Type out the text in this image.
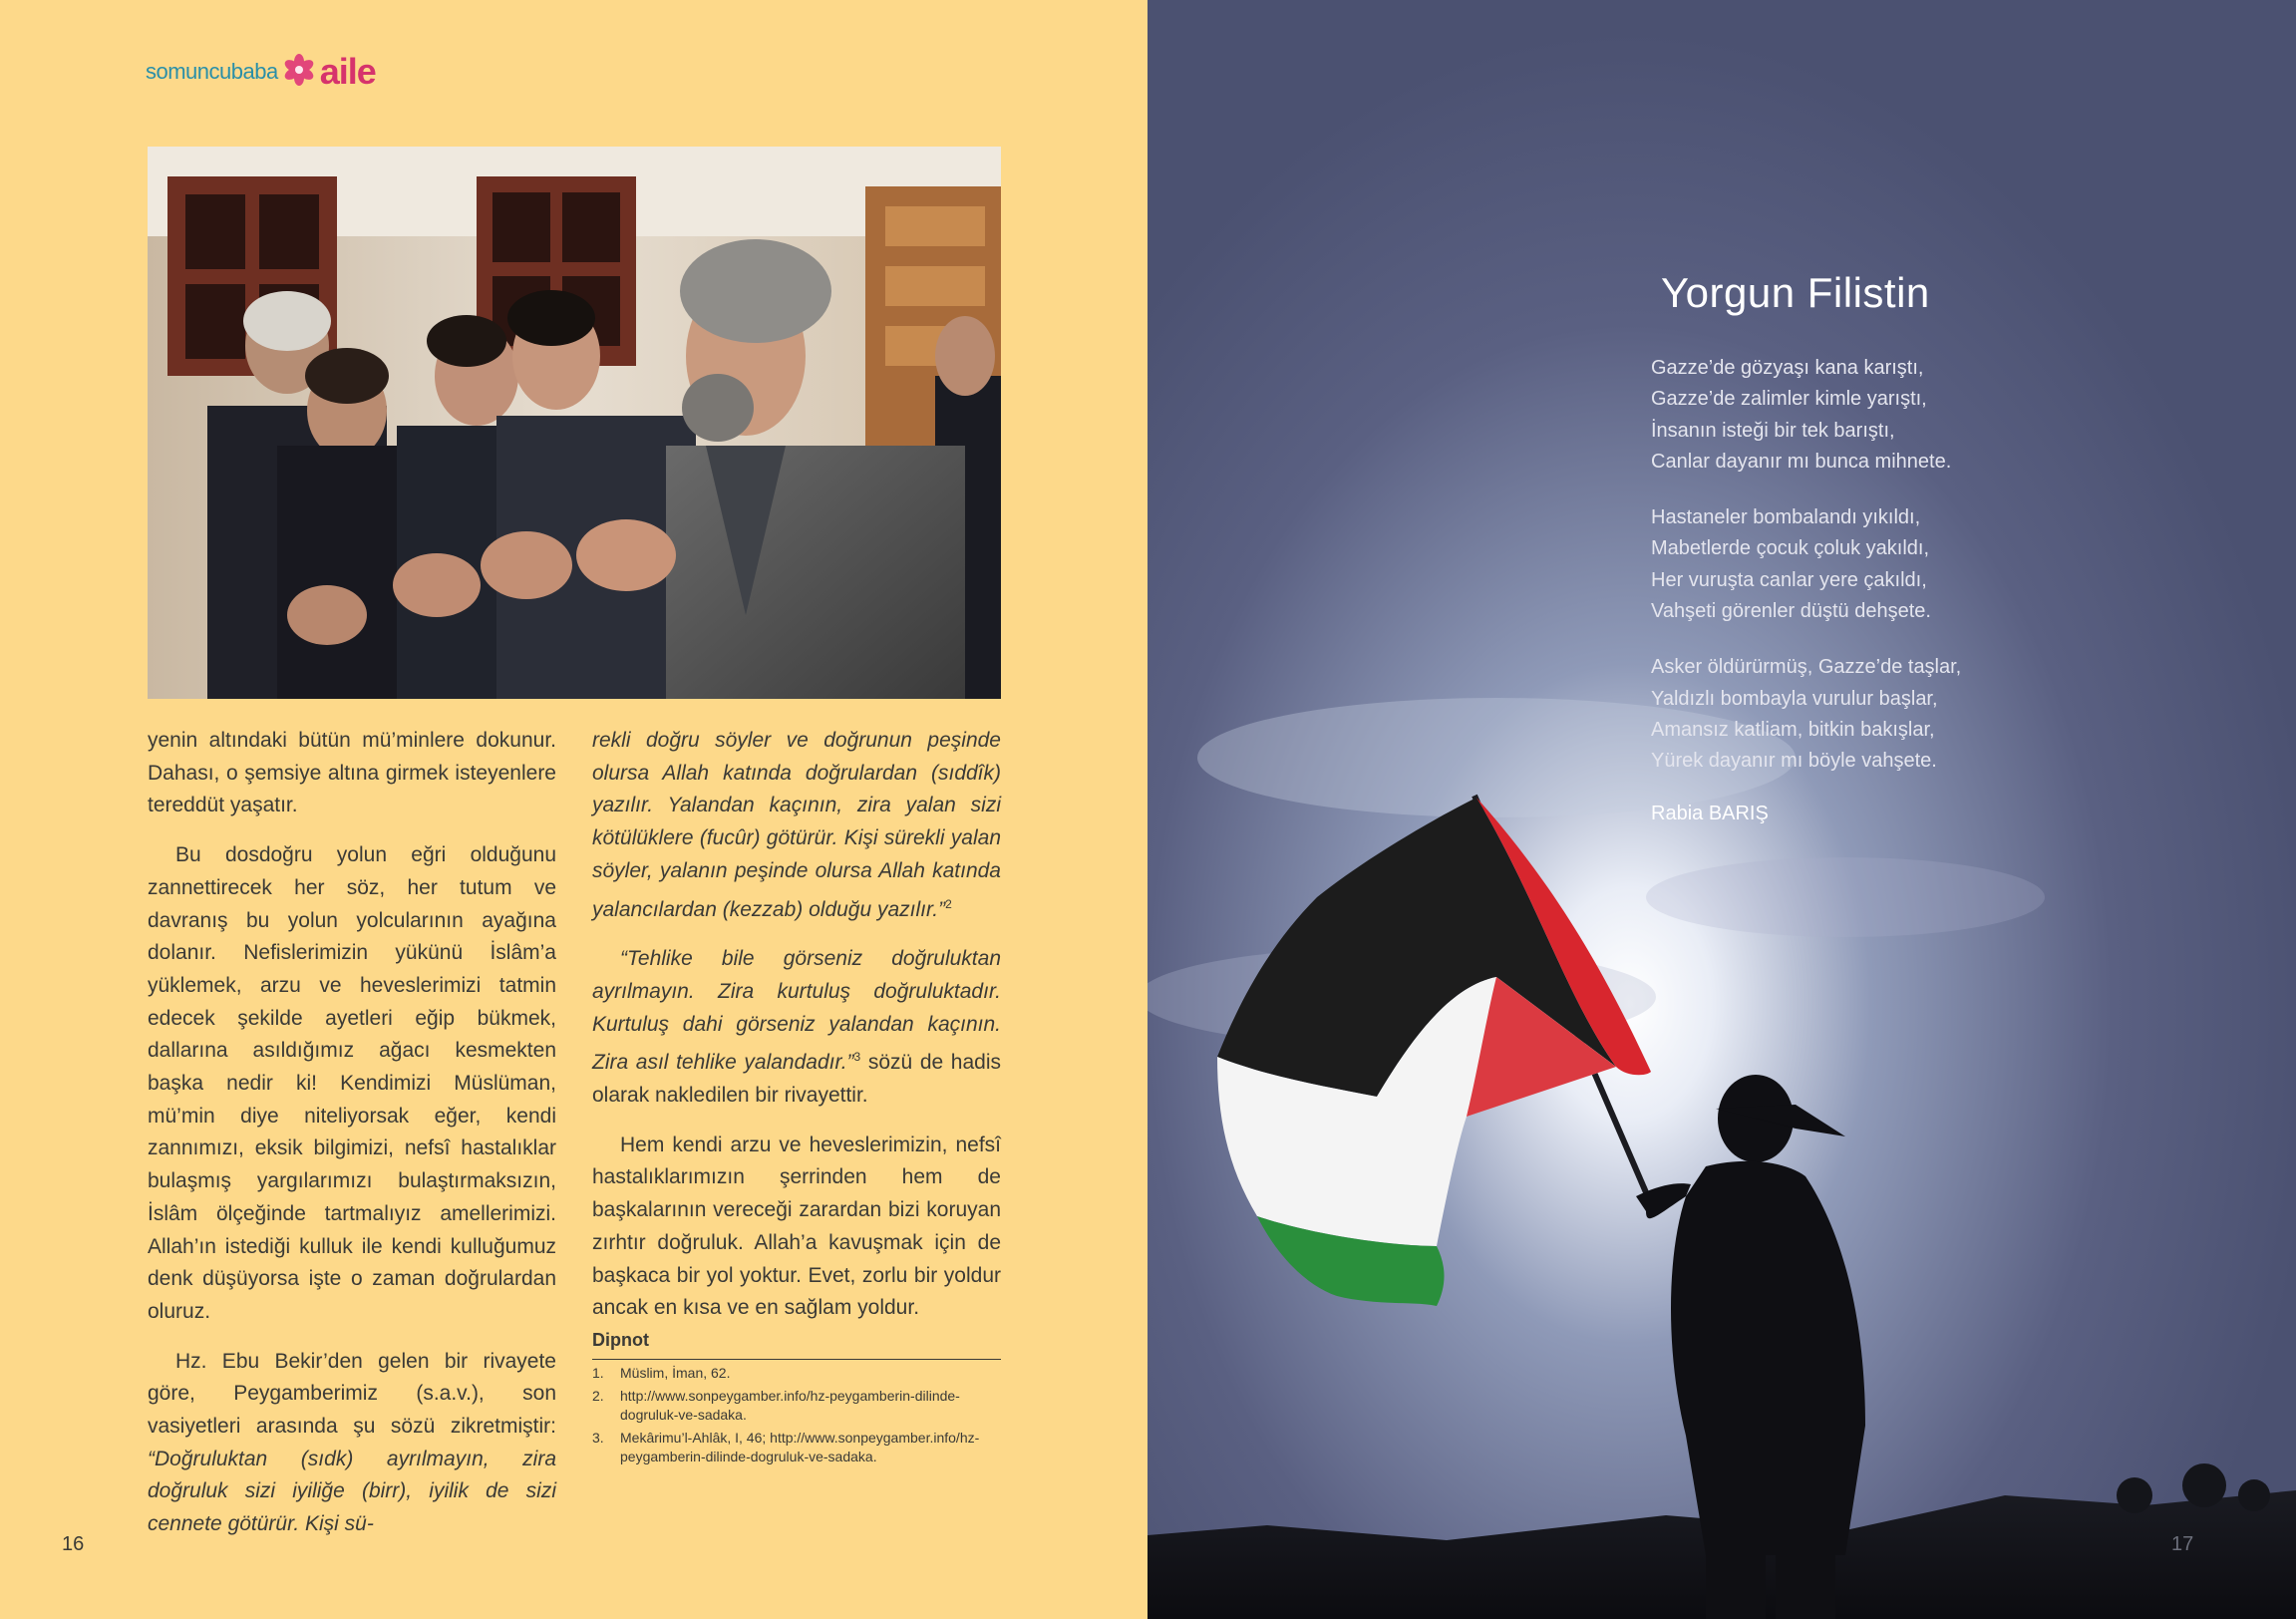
somuncubaba aile

yenin altındaki bütün mü’minlere dokunur. Dahası, o şemsiye altına girmek isteyenlere tereddüt yaşatır.

Bu dosdoğru yolun eğri olduğunu zannettirecek her söz, her tutum ve davranış bu yolun yolcularının ayağına dolanır. Nefislerimizin yükünü İslâm’a yüklemek, arzu ve heveslerimizi tatmin edecek şekilde ayetleri eğip bükmek, dallarına asıldığımız ağacı kesmekten başka nedir ki! Kendimizi Müslüman, mü’min diye niteliyorsak eğer, kendi zannımızı, eksik bilgimizi, nefsî hastalıklar bulaşmış yargılarımızı bulaştırmaksızın, İslâm ölçeğinde tartmalıyız amellerimizi. Allah’ın istediği kulluk ile kendi kulluğumuz denk düşüyorsa işte o zaman doğrulardan oluruz.

Hz. Ebu Bekir’den gelen bir rivayete göre, Peygamberimiz (s.a.v.), son vasiyetleri arasında şu sözü zikretmiştir: “Doğruluktan (sıdk) ayrılmayın, zira doğruluk sizi iyiliğe (birr), iyilik de sizi cennete götürür. Kişi sü-

rekli doğru söyler ve doğrunun peşinde olursa Allah katında doğrulardan (sıddîk) yazılır. Yalandan kaçının, zira yalan sizi kötülüklere (fucûr) götürür. Kişi sürekli yalan söyler, yalanın peşinde olursa Allah katında yalancılardan (kezzab) olduğu yazılır.”$^2$

“Tehlike bile görseniz doğruluktan ayrılmayın. Zira kurtuluş doğruluktadır. Kurtuluş dahi görseniz yalandan kaçının. Zira asıl tehlike yalandadır.”$^3$ sözü de hadis olarak nakledilen bir rivayettir.

Hem kendi arzu ve heveslerimizin, nefsî hastalıklarımızın şerrinden hem de başkalarının vereceği zarardan bizi koruyan zırhtır doğruluk. Allah’a kavuşmak için de başkaca bir yol yoktur. Evet, zorlu bir yoldur ancak en kısa ve en sağlam yoldur.

Dipnot
1.	Müslim, İman, 62.
2.	http://www.sonpeygamber.info/hz-peygamberin-dilinde-dogruluk-ve-sadaka.
3.	Mekârimu’l-Ahlâk, I, 46; http://www.sonpeygamber.info/hz-peygamberin-dilinde-dogruluk-ve-sadaka.
16
Yorgun Filistin
Gazze’de gözyaşı kana karıştı,
Gazze’de zalimler kimle yarıştı,
İnsanın isteği bir tek barıştı,
Canlar dayanır mı bunca mihnete.
Hastaneler bombalandı yıkıldı,
Mabetlerde çocuk çoluk yakıldı,
Her vuruşta canlar yere çakıldı,
Vahşeti görenler düştü dehşete.
Asker öldürürmüş, Gazze’de taşlar,
Yaldızlı bombayla vurulur başlar,
Amansız katliam, bitkin bakışlar,
Yürek dayanır mı böyle vahşete.
Rabia BARIŞ
17
